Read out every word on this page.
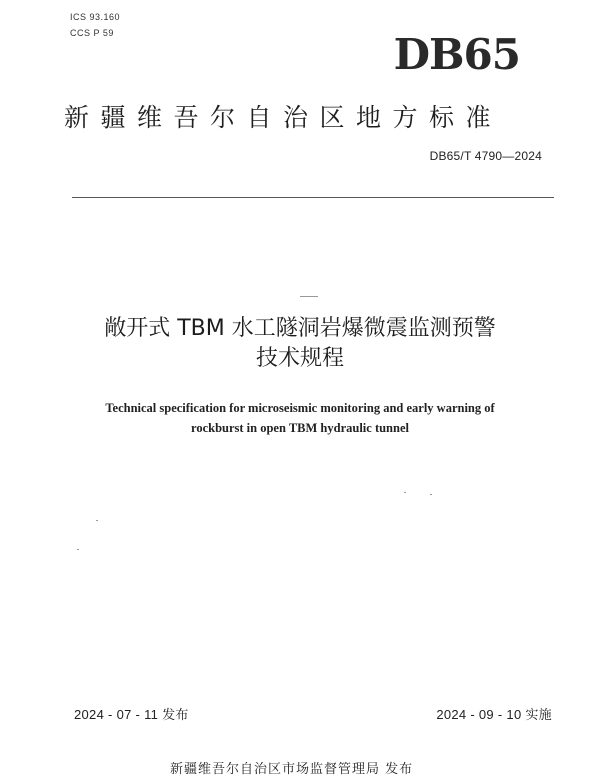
ICS 93.160
CCS P 59	DB65
新疆维吾尔自治区地方标准
DB65/T 4790—2024
敞开式 TBM 水工隧洞岩爆微震监测预警
技术规程
Technical specification for microseismic monitoring and early warning of
rockburst in open TBM hydraulic tunnel
2024 - 07 - 11 发布	2024 - 09 - 10 实施
新疆维吾尔自治区市场监督管理局 发布
